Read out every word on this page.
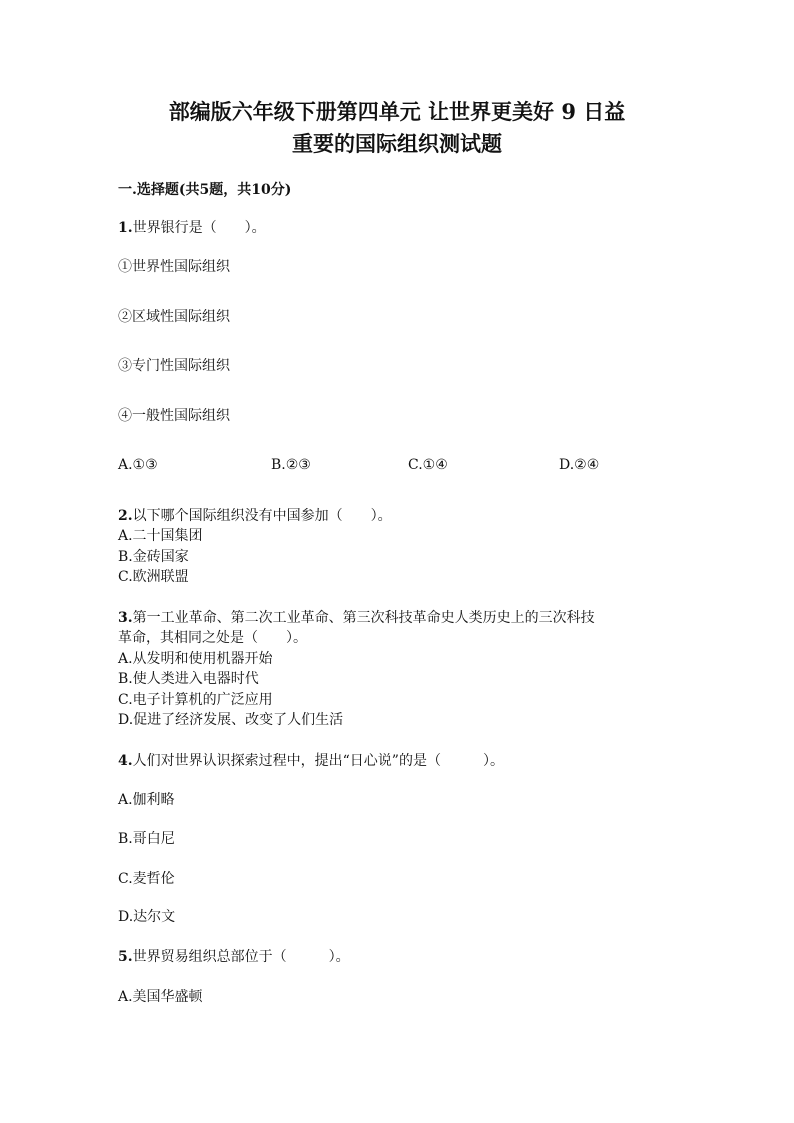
部编版六年级下册第四单元 让世界更美好 9 日益
重要的国际组织测试题

一.选择题(共5题，共10分)

1.世界银行是（　　）。

①世界性国际组织

②区域性国际组织

③专门性国际组织

④一般性国际组织

A.①③	B.②③	C.①④	D.②④

2.以下哪个国际组织没有中国参加（　　）。

A.二十国集团

B.金砖国家

C.欧洲联盟

3.第一工业革命、第二次工业革命、第三次科技革命史人类历史上的三次科技

革命，其相同之处是（　　）。

A.从发明和使用机器开始

B.使人类进入电器时代

C.电子计算机的广泛应用

D.促进了经济发展、改变了人们生活

4.人们对世界认识探索过程中，提出“日心说”的是（　　　）。

A.伽利略

B.哥白尼

C.麦哲伦

D.达尔文

5.世界贸易组织总部位于（　　　）。

A.美国华盛顿
